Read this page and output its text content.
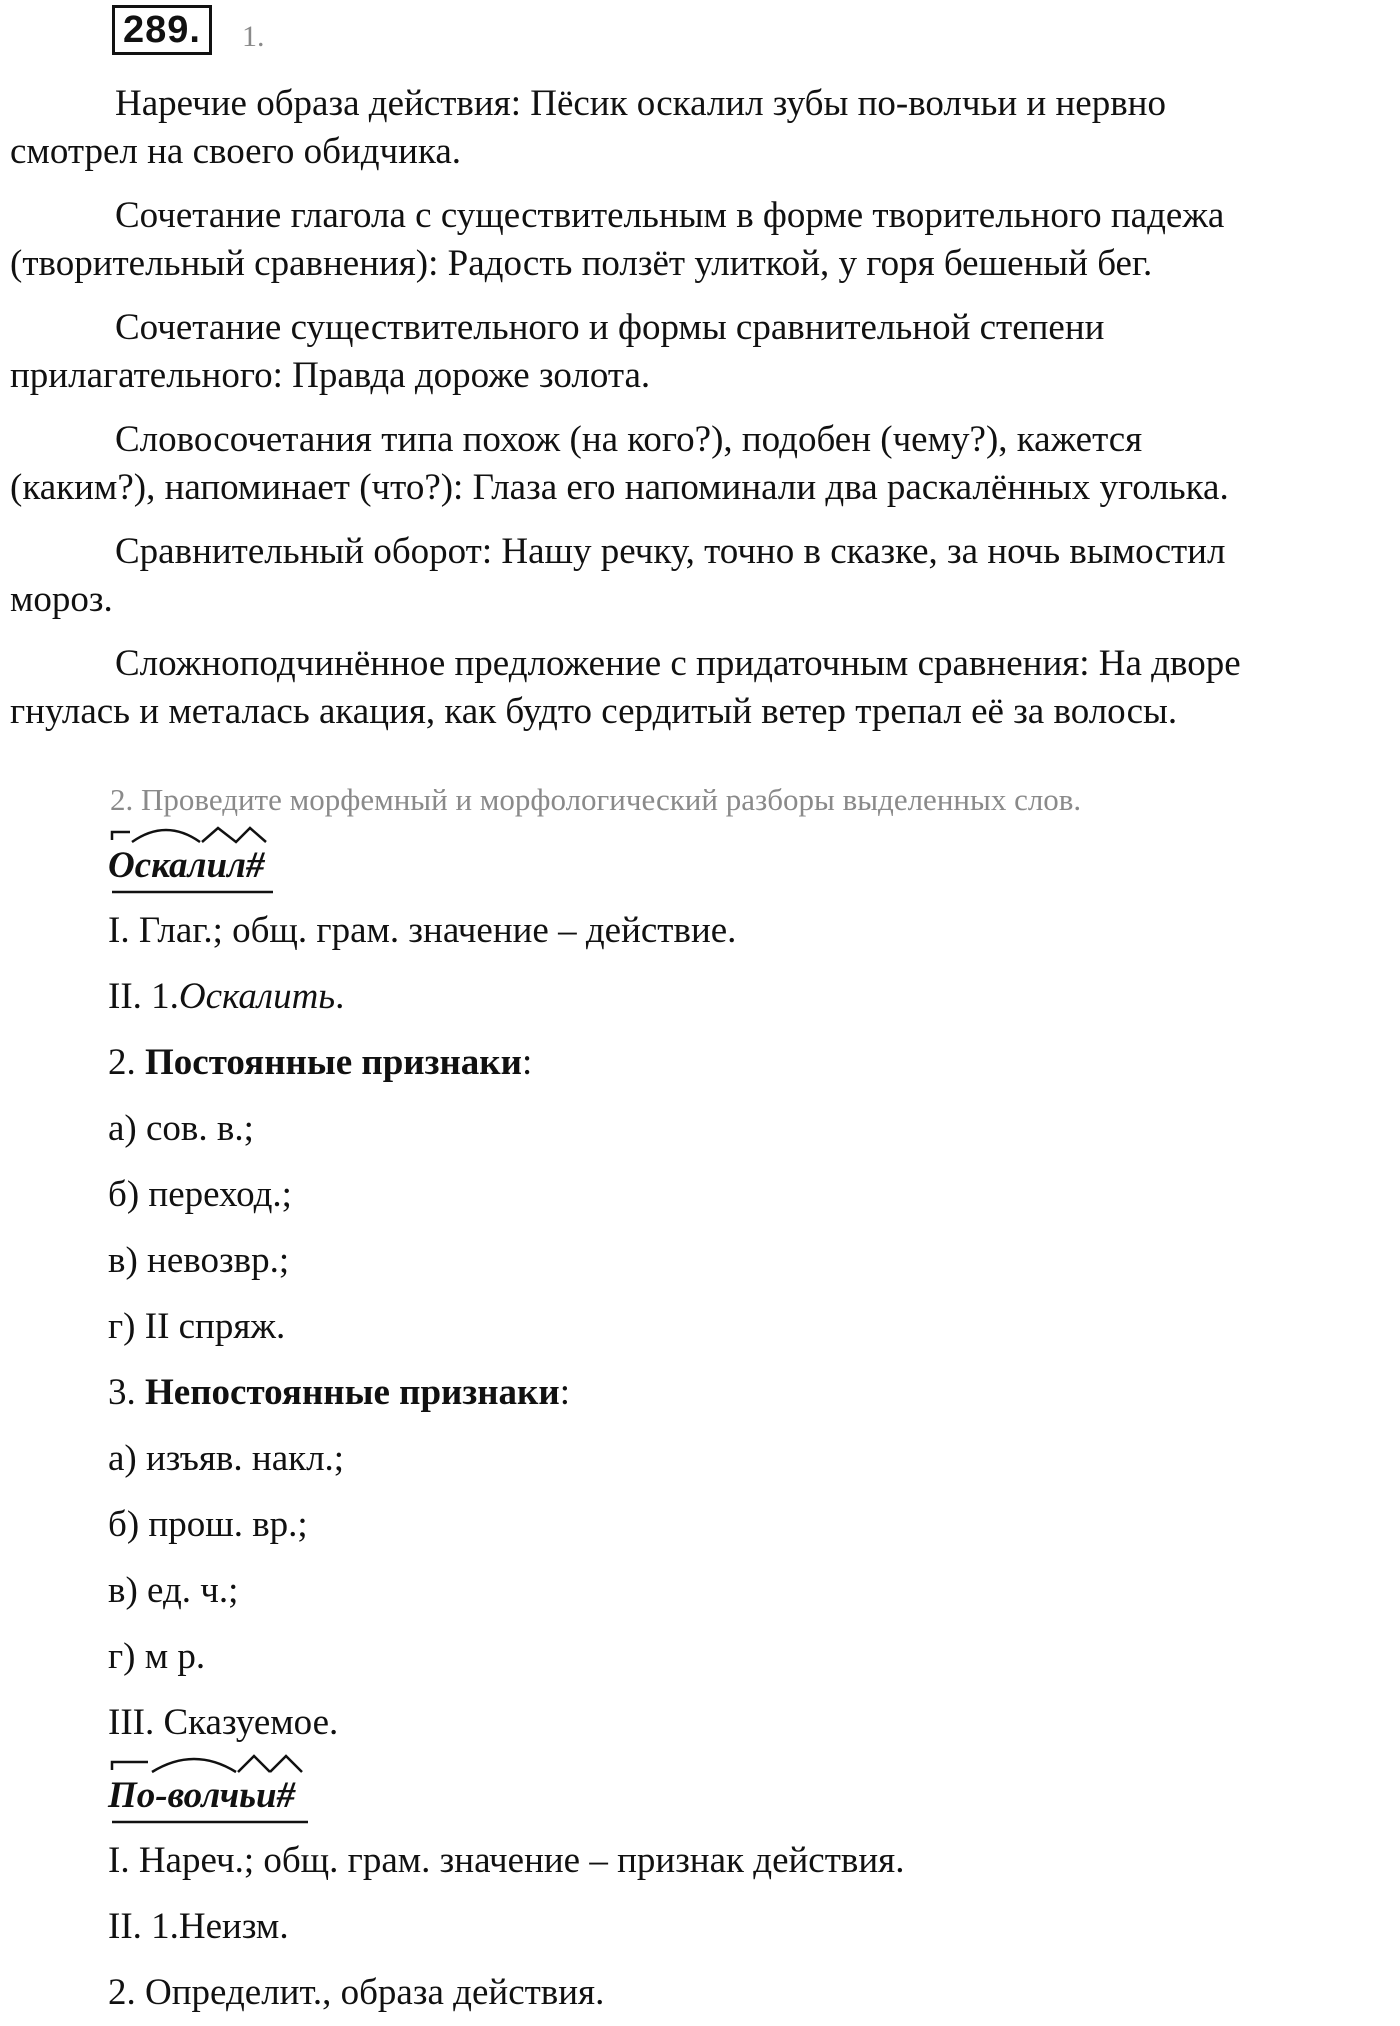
289.	1.

Наречие образа действия: Пёсик оскалил зубы по-волчьи и нервно
смотрел на своего обидчика.

Сочетание глагола с существительным в форме творительного падежа
(творительный сравнения): Радость ползёт улиткой, у горя бешеный бег.

Сочетание существительного и формы сравнительной степени
прилагательного: Правда дороже золота.

Словосочетания типа похож (на кого?), подобен (чему?), кажется
(каким?), напоминает (что?): Глаза его напоминали два раскалённых уголька.

Сравнительный оборот: Нашу речку, точно в сказке, за ночь вымостил
мороз.

Сложноподчинённое предложение с придаточным сравнения: На дворе
гнулась и металась акация, как будто сердитый ветер трепал её за волосы.

2. Проведите морфемный и морфологический разборы выделенных слов.
Оскалил#
I. Глаг.; общ. грам. значение – действие.
II. 1.Оскалить.
2. Постоянные признаки:
а) сов. в.;
б) переход.;
в) невозвр.;
г) II спряж.
3. Непостоянные признаки:
а) изъяв. накл.;
б) прош. вр.;
в) ед. ч.;
г) м р.
III. Сказуемое.
По-волчьи#
I. Нареч.; общ. грам. значение – признак действия.
II. 1.Неизм.
2. Определит., образа действия.
